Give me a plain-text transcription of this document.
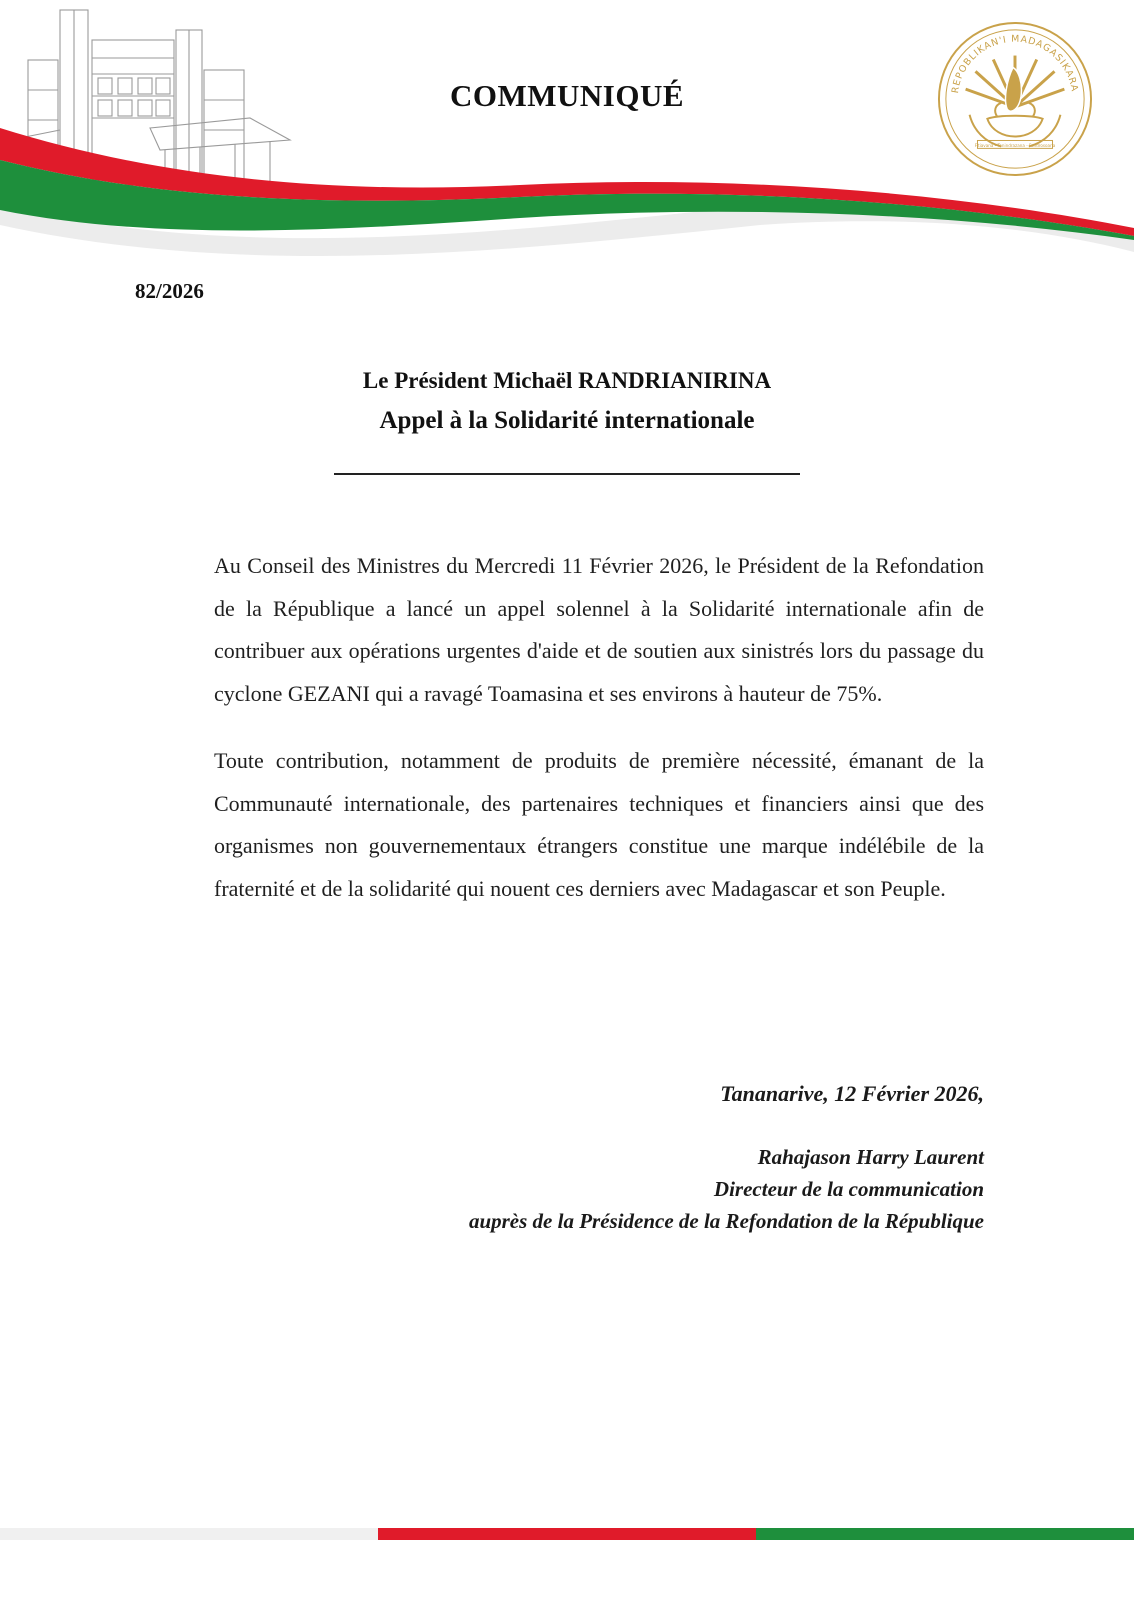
COMMUNIQUÉ	REPOBLIKAN'I MADAGASIKARA
Fitiavana - Tanindrazana - Fandrosoana
82/2026
Le Président Michaël RANDRIANIRINA
Appel à la Solidarité internationale

Au Conseil des Ministres du Mercredi 11 Février 2026, le Président de la Refondation de la République a lancé un appel solennel à la Solidarité internationale afin de contribuer aux opérations urgentes d'aide et de soutien aux sinistrés lors du passage du cyclone GEZANI qui a ravagé Toamasina et ses environs à hauteur de 75%.

Toute contribution, notamment de produits de première nécessité, émanant de la Communauté internationale, des partenaires techniques et financiers ainsi que des organismes non gouvernementaux étrangers constitue une marque indélébile de la fraternité et de la solidarité qui nouent ces derniers avec Madagascar et son Peuple.

Tananarive, 12 Février 2026,
Rahajason Harry Laurent
Directeur de la communication
auprès de la Présidence de la Refondation de la République
